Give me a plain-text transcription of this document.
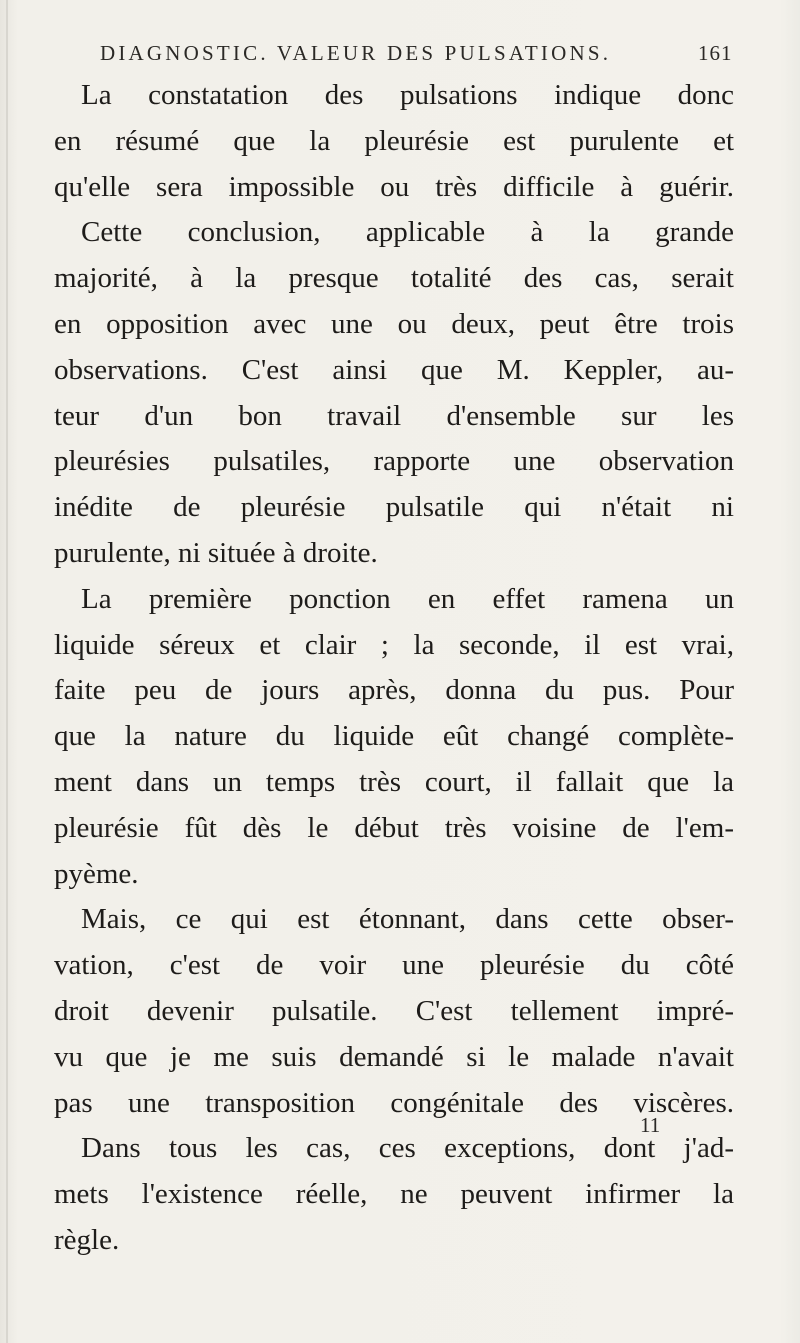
DIAGNOSTIC. VALEUR DES PULSATIONS.	161
La constatation des pulsations indique donc
en résumé que la pleurésie est purulente et
qu'elle sera impossible ou très difficile à guérir.
Cette conclusion, applicable à la grande
majorité, à la presque totalité des cas, serait
en opposition avec une ou deux, peut être trois
observations. C'est ainsi que M. Keppler, au-
teur d'un bon travail d'ensemble sur les
pleurésies pulsatiles, rapporte une observation
inédite de pleurésie pulsatile qui n'était ni
purulente, ni située à droite.
La première ponction en effet ramena un
liquide séreux et clair ; la seconde, il est vrai,
faite peu de jours après, donna du pus. Pour
que la nature du liquide eût changé complète-
ment dans un temps très court, il fallait que la
pleurésie fût dès le début très voisine de l'em-
pyème.
Mais, ce qui est étonnant, dans cette obser-
vation, c'est de voir une pleurésie du côté
droit devenir pulsatile. C'est tellement impré-
vu que je me suis demandé si le malade n'avait
pas une transposition congénitale des viscères.
Dans tous les cas, ces exceptions, dont j'ad-
mets l'existence réelle, ne peuvent infirmer la
règle.
11
